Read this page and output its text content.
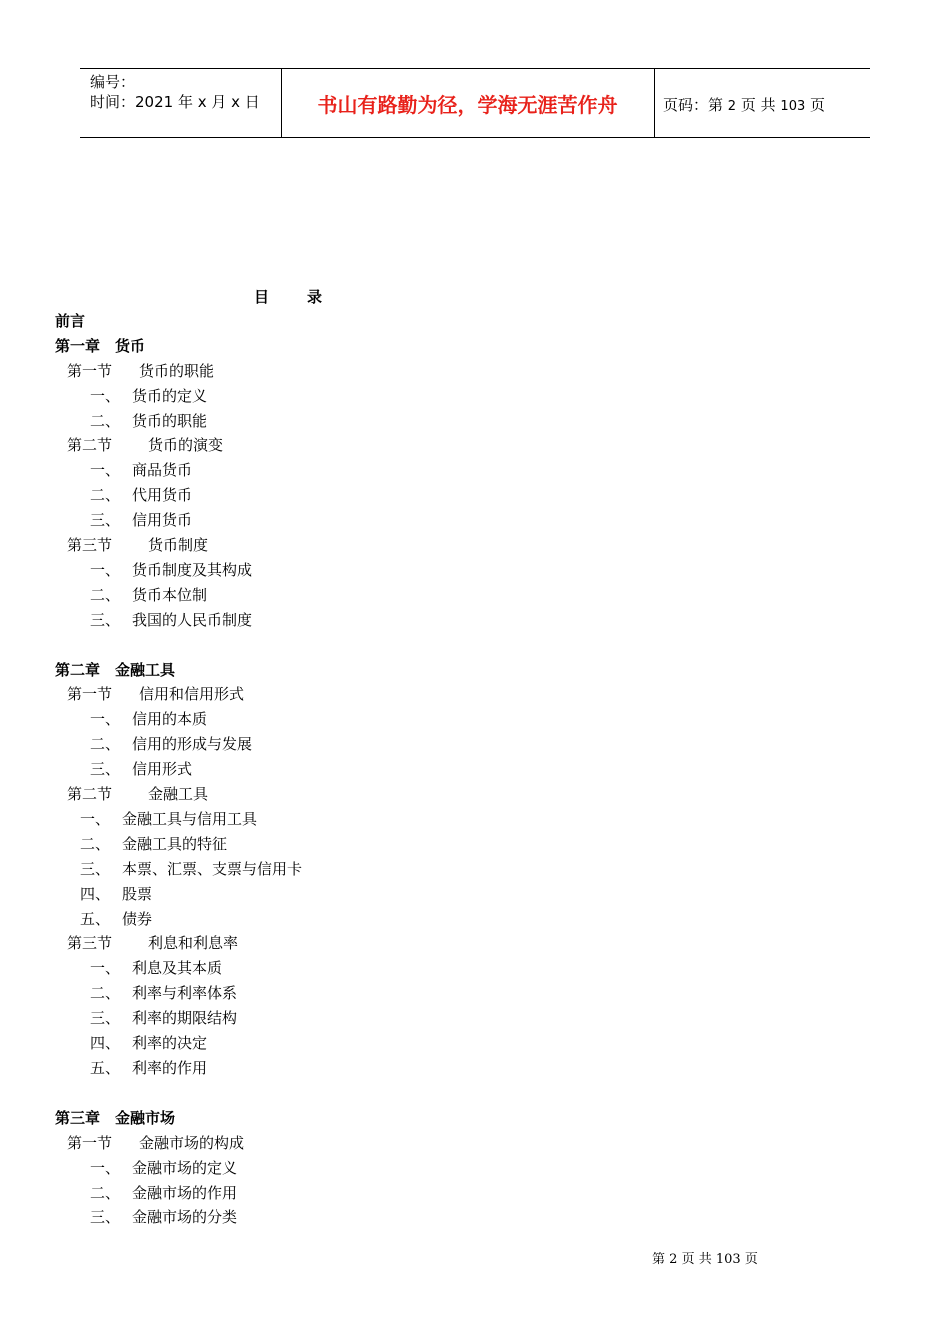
编号：
时间：2021 年 x 月 x 日	书山有路勤为径，学海无涯苦作舟	页码：第 2 页 共 103 页
目	录
前言
第一章 货币
第一节 货币的职能
一、 货币的定义
二、 货币的职能
第二节 货币的演变
一、 商品货币
二、 代用货币
三、 信用货币
第三节 货币制度
一、 货币制度及其构成
二、 货币本位制
三、 我国的人民币制度
第二章 金融工具
第一节 信用和信用形式
一、 信用的本质
二、 信用的形成与发展
三、 信用形式
第二节 金融工具
一、 金融工具与信用工具
二、 金融工具的特征
三、 本票、汇票、支票与信用卡
四、 股票
五、 债券
第三节 利息和利息率
一、 利息及其本质
二、 利率与利率体系
三、 利率的期限结构
四、 利率的决定
五、 利率的作用
第三章 金融市场
第一节 金融市场的构成
一、 金融市场的定义
二、 金融市场的作用
三、 金融市场的分类
第 2 页 共 103 页
